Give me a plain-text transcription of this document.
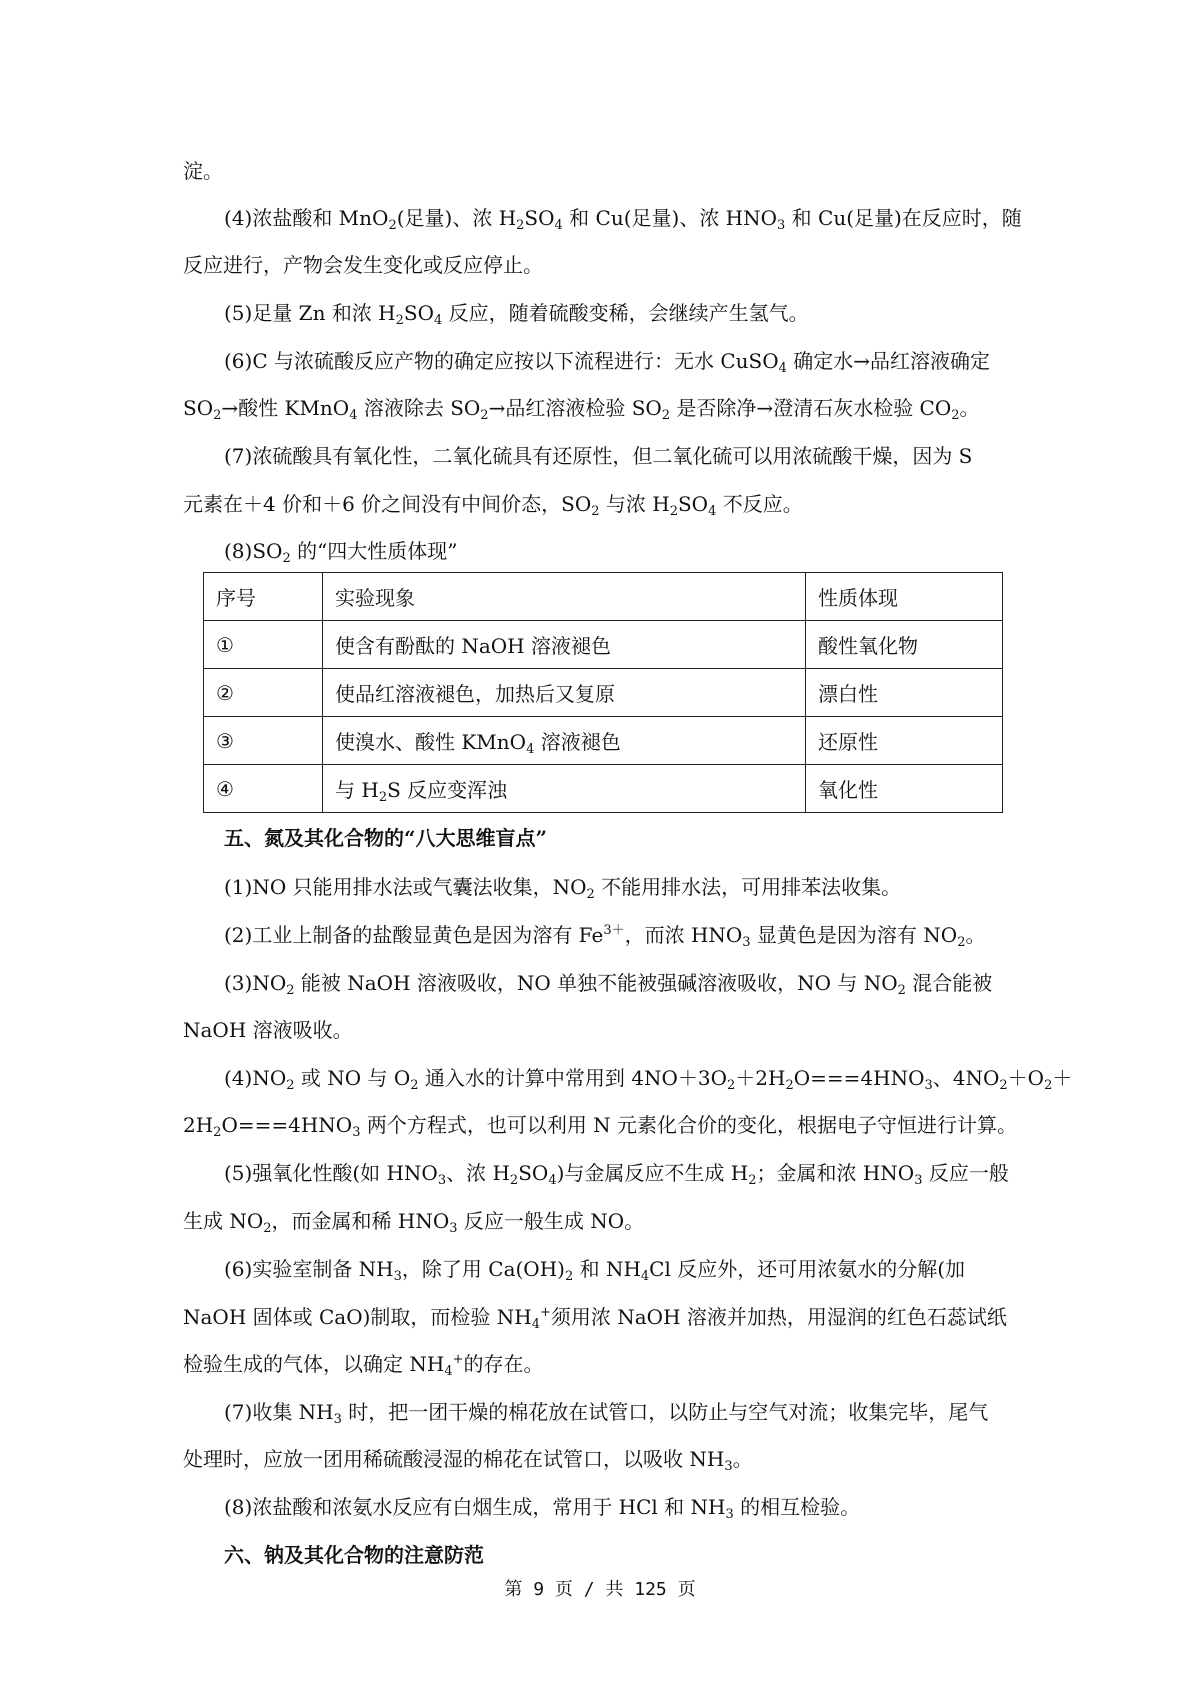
淀。
(4)浓盐酸和 MnO$_2$(足量)、浓 $H_2SO_4$ 和 Cu(足量)、浓 $HNO_3$ 和 Cu(足量)在反应时，随
反应进行，产物会发生变化或反应停止。
(5)足量 Zn 和浓 $H_2SO_4$ 反应，随着硫酸变稀，会继续产生氢气。
(6)C 与浓硫酸反应产物的确定应按以下流程进行：无水 CuSO$_4$ 确定水→品红溶液确定
$SO_2\to$酸性 KMnO$_4$ 溶液除去 $SO_2\to$品红溶液检验 $SO_2$ 是否除净→澄清石灰水检验 $CO_2$。
(7)浓硫酸具有氧化性，二氧化硫具有还原性，但二氧化硫可以用浓硫酸干燥，因为 S
元素在＋4 价和＋6 价之间没有中间价态，$SO_2$ 与浓 $H_2SO_4$ 不反应。
$(8)SO_2$ 的“四大性质体现”
序号	实验现象	性质体现
①	使含有酚酞的 NaOH 溶液褪色	酸性氧化物
②	使品红溶液褪色，加热后又复原	漂白性
③	使溴水、酸性 KMnO$_4$ 溶液褪色	还原性
④	与 $H_2S$ 反应变浑浊	氧化性
五、氮及其化合物的“八大思维盲点”
(1)NO 只能用排水法或气囊法收集，$NO_2$ 不能用排水法，可用排苯法收集。
(2)工业上制备的盐酸显黄色是因为溶有 $Fe^{3+}$，而浓 $HNO_3$ 显黄色是因为溶有 $NO_2$。
$(3)NO_2$ 能被 NaOH 溶液吸收，NO 单独不能被强碱溶液吸收，NO 与 $NO_2$ 混合能被
NaOH 溶液吸收。
$(4)NO_2$ 或 NO 与 $O_2$ 通入水的计算中常用到 $4NO+3O_2+2H_2O===4HNO_3$、$4NO_2+O_2+$
$2H_2O===4HNO_3$ 两个方程式，也可以利用 N 元素化合价的变化，根据电子守恒进行计算。
(5)强氧化性酸(如 $HNO_3$、浓 $H_2SO_4$)与金属反应不生成 $H_2$；金属和浓 $HNO_3$ 反应一般
生成 $NO_2$，而金属和稀 $HNO_3$ 反应一般生成 NO。
(6)实验室制备 $NH_3$，除了用 $Ca(OH)_2$ 和 $NH_4Cl$ 反应外，还可用浓氨水的分解(加
NaOH 固体或 CaO)制取，而检验 $NH_4^+$须用浓 NaOH 溶液并加热，用湿润的红色石蕊试纸
检验生成的气体，以确定 $NH_4^+$的存在。
(7)收集 $NH_3$ 时，把一团干燥的棉花放在试管口，以防止与空气对流；收集完毕，尾气
处理时，应放一团用稀硫酸浸湿的棉花在试管口，以吸收 $NH_3$。
(8)浓盐酸和浓氨水反应有白烟生成，常用于 HCl 和 $NH_3$ 的相互检验。
六、钠及其化合物的注意防范
第 9 页 / 共 125 页
